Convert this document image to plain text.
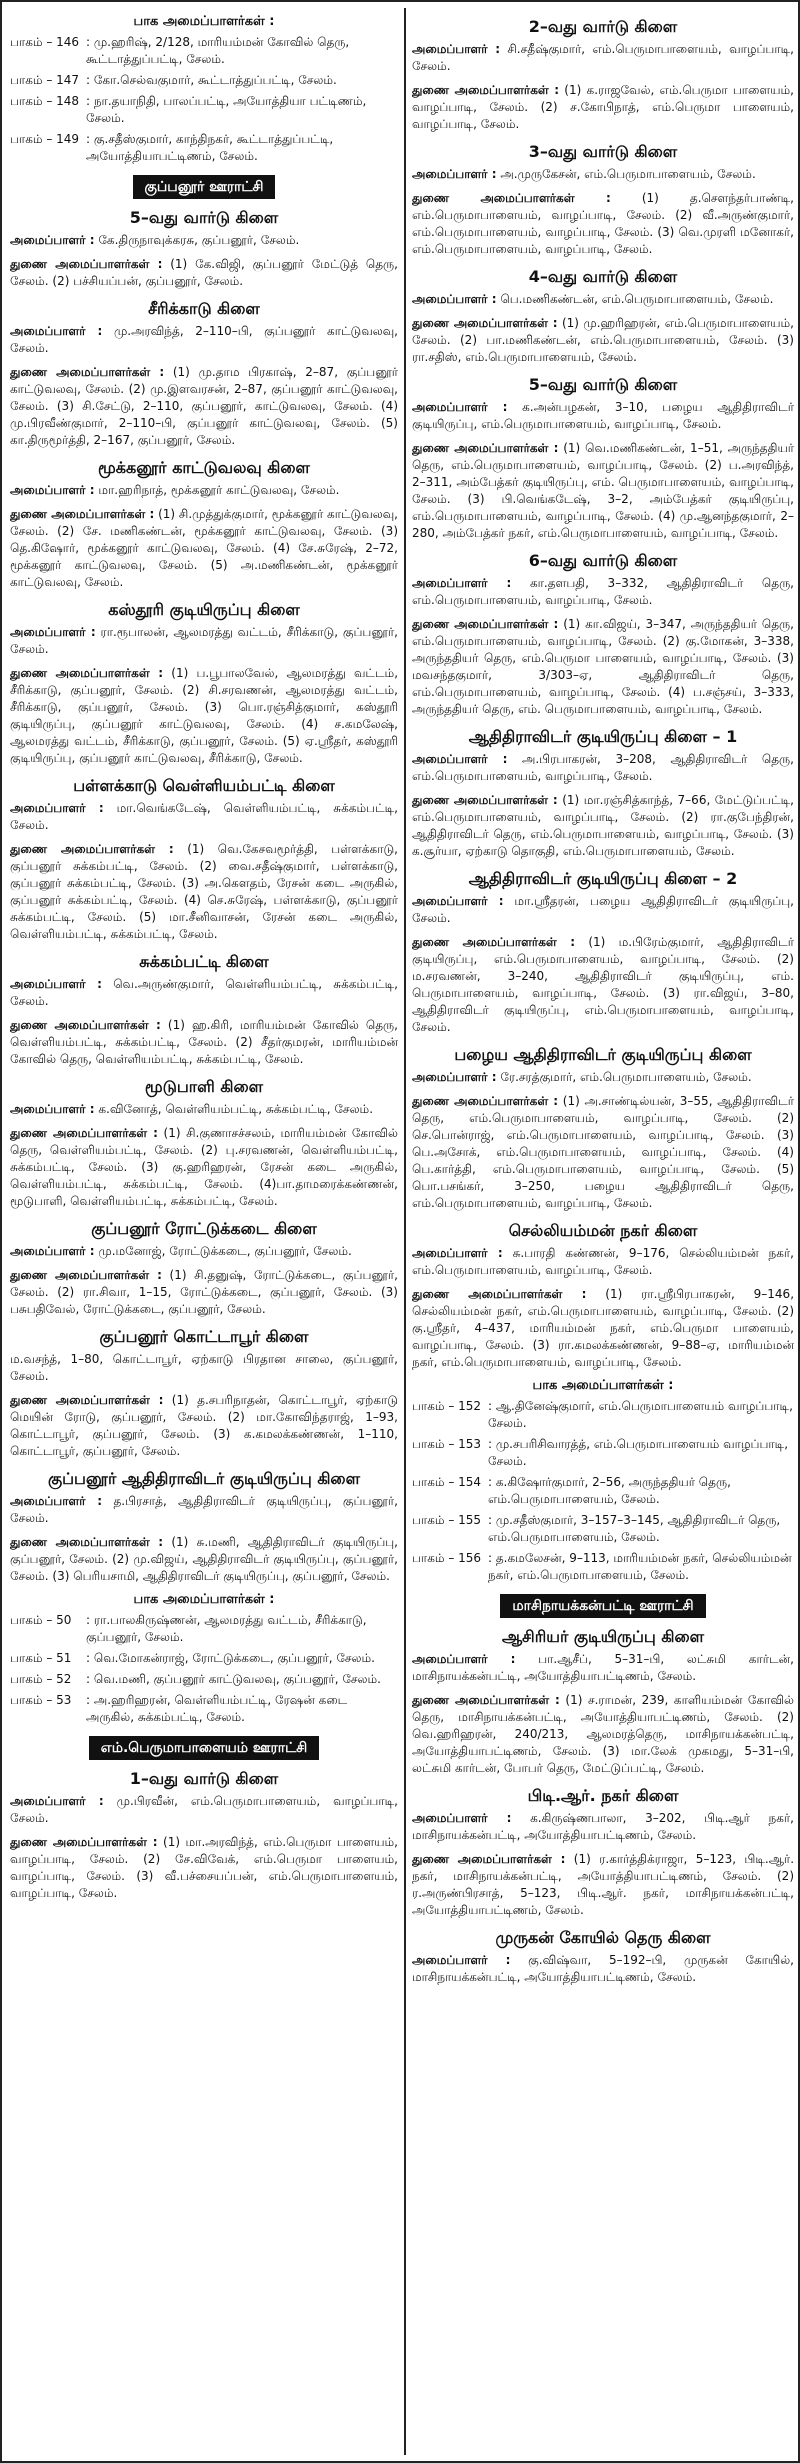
பாக அமைப்பாளர்கள் :
பாகம் – 146 : மு.ஹரிஷ், 2/128, மாரியம்மன் கோவில் தெரு, கூட்டாத்துப்பட்டி, சேலம்.
பாகம் – 147 : கோ.செல்வகுமார், கூட்டாத்துப்பட்டி, சேலம்.
பாகம் – 148 : நா.தயாநிதி, பாலப்பட்டி, அயோத்தியா பட்டிணம், சேலம்.
பாகம் – 149 : கு.சதீஸ்குமார், காந்திநகர், கூட்டாத்துப்பட்டி, அயோத்தியாபட்டிணம், சேலம்.
குப்பனூர் ஊராட்சி
5–வது வார்டு கிளை
அமைப்பாளர் : கே.திருநாவுக்கரசு, குப்பனூர், சேலம்.
துணை அமைப்பாளர்கள் : (1) கே.விஜி, குப்பனூர் மேட்டுத் தெரு, சேலம். (2) பச்சியப்பன், குப்பனூர், சேலம்.
சீரிக்காடு கிளை
அமைப்பாளர் : மு.அரவிந்த், 2–110–பி, குப்பனூர் காட்டுவலவு, சேலம்.
துணை அமைப்பாளர்கள் : (1) மு.தாம பிரகாஷ், 2–87, குப்பனூர் காட்டுவலவு, சேலம். (2) மு.இளவரசன், 2–87, குப்பனூர் காட்டுவலவு, சேலம். (3) சி.சேட்டு, 2–110, குப்பனூர், காட்டுவலவு, சேலம். (4) மு.பிரவீண்குமார், 2–110–பி, குப்பனூர் காட்டுவலவு, சேலம். (5) கா.திருமூர்த்தி, 2–167, குப்பனூர், சேலம்.
மூக்கனூர் காட்டுவலவு கிளை
அமைப்பாளர் : மா.ஹரிநாத், மூக்கனூர் காட்டுவலவு, சேலம்.
துணை அமைப்பாளர்கள் : (1) சி.முத்துக்குமார், மூக்கனூர் காட்டுவலவு, சேலம். (2) சே. மணிகண்டன், மூக்கனூர் காட்டுவலவு, சேலம். (3) தெ.கிஷோர், மூக்கனூர் காட்டுவலவு, சேலம். (4) சே.சுரேஷ், 2–72, மூக்கனூர் காட்டுவலவு, சேலம். (5) அ.மணிகண்டன், மூக்கனூர் காட்டுவலவு, சேலம்.
கஸ்தூரி குடியிருப்பு கிளை
அமைப்பாளர் : ரா.ரூபாலன், ஆலமரத்து வட்டம், சீரிக்காடு, குப்பனூர், சேலம்.
துணை அமைப்பாளர்கள் : (1) ப.பூபாலவேல், ஆலமரத்து வட்டம், சீரிக்காடு, குப்பனூர், சேலம். (2) சி.சரவணன், ஆலமரத்து வட்டம், சீரிக்காடு, குப்பனூர், சேலம். (3) பொ.ரஞ்சித்குமார், கஸ்தூரி குடியிருப்பு, குப்பனூர் காட்டுவலவு, சேலம். (4) ச.கமலேஷ், ஆலமரத்து வட்டம், சீரிக்காடு, குப்பனூர், சேலம். (5) ஏ.ஸ்ரீதர், கஸ்தூரி குடியிருப்பு, குப்பனூர் காட்டுவலவு, சீரிக்காடு, சேலம்.
பள்ளக்காடு வெள்ளியம்பட்டி கிளை
அமைப்பாளர் : மா.வெங்கடேஷ், வெள்ளியம்பட்டி, சுக்கம்பட்டி, சேலம்.
துணை அமைப்பாளர்கள் : (1) வெ.கேசவமூர்த்தி, பள்ளக்காடு, குப்பனூர் சுக்கம்பட்டி, சேலம். (2) வை.சதீஷ்குமார், பள்ளக்காடு, குப்பனூர் சுக்கம்பட்டி, சேலம். (3) அ.கௌதம், ரேசன் கடை அருகில், குப்பனூர் சுக்கம்பட்டி, சேலம். (4) செ.சுரேஷ், பள்ளக்காடு, குப்பனூர் சுக்கம்பட்டி, சேலம். (5) மா.சீனிவாசன், ரேசன் கடை அருகில், வெள்ளியம்பட்டி, சுக்கம்பட்டி, சேலம்.
சுக்கம்பட்டி கிளை
அமைப்பாளர் : வெ.அருண்குமார், வெள்ளியம்பட்டி, சுக்கம்பட்டி, சேலம்.
துணை அமைப்பாளர்கள் : (1) ஹ.கிரி, மாரியம்மன் கோவில் தெரு, வெள்ளியம்பட்டி, சுக்கம்பட்டி, சேலம். (2) சீதர்குமரன், மாரியம்மன் கோவில் தெரு, வெள்ளியம்பட்டி, சுக்கம்பட்டி, சேலம்.
மூடுபாளி கிளை
அமைப்பாளர் : க.வினோத், வெள்ளியம்பட்டி, சுக்கம்பட்டி, சேலம்.
துணை அமைப்பாளர்கள் : (1) சி.குணாசச்சலம், மாரியம்மன் கோவில் தெரு, வெள்ளியம்பட்டி, சேலம். (2) பு.சரவணன், வெள்ளியம்பட்டி, சுக்கம்பட்டி, சேலம். (3) கு.ஹரிஹரன், ரேசன் கடை அருகில், வெள்ளியம்பட்டி, சுக்கம்பட்டி, சேலம். (4)பா.தாமரைக்கண்ணன், மூடுபாளி, வெள்ளியம்பட்டி, சுக்கம்பட்டி, சேலம்.
குப்பனூர் ரோட்டுக்கடை கிளை
அமைப்பாளர் : மு.மனோஜ், ரோட்டுக்கடை, குப்பனூர், சேலம்.
துணை அமைப்பாளர்கள் : (1) சி.தனுஷ், ரோட்டுக்கடை, குப்பனூர், சேலம். (2) ரா.சிவா, 1–15, ரோட்டுக்கடை, குப்பனூர், சேலம். (3) பசுபதிவேல், ரோட்டுக்கடை, குப்பனூர், சேலம்.
குப்பனூர் கொட்டாபூர் கிளை
ம.வசந்த், 1–80, கொட்டாபூர், ஏற்காடு பிரதான சாலை, குப்பனூர், சேலம்.
துணை அமைப்பாளர்கள் : (1) த.சபரிநாதன், கொட்டாபூர், ஏற்காடு மெயின் ரோடு, குப்பனூர், சேலம். (2) மா.கோவிந்தராஜ், 1–93, கொட்டாபூர், குப்பனூர், சேலம். (3) க.கமலக்கண்ணன், 1–110, கொட்டாபூர், குப்பனூர், சேலம்.
குப்பனூர் ஆதிதிராவிடர் குடியிருப்பு கிளை
அமைப்பாளர் : த.பிரசாத், ஆதிதிராவிடர் குடியிருப்பு, குப்பனூர், சேலம்.
துணை அமைப்பாளர்கள் : (1) சு.மணி, ஆதிதிராவிடர் குடியிருப்பு, குப்பனூர், சேலம். (2) மு.விஜய், ஆதிதிராவிடர் குடியிருப்பு, குப்பனூர், சேலம். (3) பெரியசாமி, ஆதிதிராவிடர் குடியிருப்பு, குப்பனூர், சேலம்.
பாக அமைப்பாளர்கள் :
பாகம் – 50	: ரா.பாலகிருஷ்ணன், ஆலமரத்து வட்டம், சீரிக்காடு, குப்பனூர், சேலம்.
பாகம் – 51	: வெ.மோகன்ராஜ், ரோட்டுக்கடை, குப்பனூர், சேலம்.
பாகம் – 52	: வெ.மணி, குப்பனூர் காட்டுவலவு, குப்பனூர், சேலம்.
பாகம் – 53	: அ.ஹரிஹரன், வெள்ளியம்பட்டி, ரேஷன் கடை அருகில், சுக்கம்பட்டி, சேலம்.
எம்.பெருமாபாளையம் ஊராட்சி
1–வது வார்டு கிளை
அமைப்பாளர் : மு.பிரவீன், எம்.பெருமாபாளையம், வாழப்பாடி, சேலம்.
துணை அமைப்பாளர்கள் : (1) மா.அரவிந்த், எம்.பெருமா பாளையம், வாழப்பாடி, சேலம். (2) சே.விவேக், எம்.பெருமா பாளையம், வாழப்பாடி, சேலம். (3) வீ.பச்சையப்பன், எம்.பெருமாபாளையம், வாழப்பாடி, சேலம்.
2–வது வார்டு கிளை
அமைப்பாளர் : சி.சதீஷ்குமார், எம்.பெருமாபாளையம், வாழப்பாடி, சேலம்.
துணை அமைப்பாளர்கள் : (1) க.ராஜவேல், எம்.பெருமா பாளையம், வாழப்பாடி, சேலம். (2) ச.கோபிநாத், எம்.பெருமா பாளையம், வாழப்பாடி, சேலம்.
3–வது வார்டு கிளை
அமைப்பாளர் : அ.முருகேசன், எம்.பெருமாபாளையம், சேலம்.
துணை அமைப்பாளர்கள் : (1) த.சௌந்தர்பாண்டி, எம்.பெருமாபாளையம், வாழப்பாடி, சேலம். (2) வீ.அருண்குமார், எம்.பெருமாபாளையம், வாழப்பாடி, சேலம். (3) வெ.முரளி மனோகர், எம்.பெருமாபாளையம், வாழப்பாடி, சேலம்.
4–வது வார்டு கிளை
அமைப்பாளர் : பெ.மணிகண்டன், எம்.பெருமாபாளையம், சேலம்.
துணை அமைப்பாளர்கள் : (1) மு.ஹரிஹரன், எம்.பெருமாபாளையம், சேலம். (2) பா.மணிகண்டன், எம்.பெருமாபாளையம், சேலம். (3) ரா.சதிஸ், எம்.பெருமாபாளையம், சேலம்.
5–வது வார்டு கிளை
அமைப்பாளர் : க.அன்பழகன், 3–10, பழைய ஆதிதிராவிடர் குடியிருப்பு, எம்.பெருமாபாளையம், வாழப்பாடி, சேலம்.
துணை அமைப்பாளர்கள் : (1) வெ.மணிகண்டன், 1–51, அருந்ததியர் தெரு, எம்.பெருமாபாளையம், வாழப்பாடி, சேலம். (2) ப.அரவிந்த், 2–311, அம்பேத்கர் குடியிருப்பு, எம். பெருமாபாளையம், வாழப்பாடி, சேலம். (3) பி.வெங்கடேஷ், 3–2, அம்பேத்கர் குடியிருப்பு, எம்.பெருமாபாளையம், வாழப்பாடி, சேலம். (4) மு.ஆனந்தகுமார், 2–280, அம்பேத்கர் நகர், எம்.பெருமாபாளையம், வாழப்பாடி, சேலம்.
6–வது வார்டு கிளை
அமைப்பாளர் : கா.தளபதி, 3–332, ஆதிதிராவிடர் தெரு, எம்.பெருமாபாளையம், வாழப்பாடி, சேலம்.
துணை அமைப்பாளர்கள் : (1) கா.விஜய், 3–347, அருந்ததியர் தெரு, எம்.பெருமாபாளையம், வாழப்பாடி, சேலம். (2) கு.மோகன், 3–338, அருந்ததியர் தெரு, எம்.பெருமா பாளையம், வாழப்பாடி, சேலம். (3) மவசந்தகுமார், 3/303–ஏ, ஆதிதிராவிடர் தெரு, எம்.பெருமாபாளையம், வாழப்பாடி, சேலம். (4) ப.சஞ்சய், 3–333, அருந்ததியர் தெரு, எம். பெருமாபாளையம், வாழப்பாடி, சேலம்.
ஆதிதிராவிடர் குடியிருப்பு கிளை – 1
அமைப்பாளர் : அ.பிரபாகரன், 3–208, ஆதிதிராவிடர் தெரு, எம்.பெருமாபாளையம், வாழப்பாடி, சேலம்.
துணை அமைப்பாளர்கள் : (1) மா.ரஞ்சித்காந்த், 7–66, மேட்டுப்பட்டி, எம்.பெருமாபாளையம், வாழப்பாடி, சேலம். (2) ரா.குபேந்திரன், ஆதிதிராவிடர் தெரு, எம்.பெருமாபாளையம், வாழப்பாடி, சேலம். (3) க.சூர்யா, ஏற்காடு தொகுதி, எம்.பெருமாபாளையம், சேலம்.
ஆதிதிராவிடர் குடியிருப்பு கிளை – 2
அமைப்பாளர் : மா.ஸ்ரீதரன், பழைய ஆதிதிராவிடர் குடியிருப்பு, சேலம்.
துணை அமைப்பாளர்கள் : (1) ம.பிரேம்குமார், ஆதிதிராவிடர் குடியிருப்பு, எம்.பெருமாபாளையம், வாழப்பாடி, சேலம். (2) ம.சரவணன், 3–240, ஆதிதிராவிடர் குடியிருப்பு, எம். பெருமாபாளையம், வாழப்பாடி, சேலம். (3) ரா.விஜய், 3–80, ஆதிதிராவிடர் குடியிருப்பு, எம்.பெருமாபாளையம், வாழப்பாடி, சேலம்.
பழைய ஆதிதிராவிடர் குடியிருப்பு கிளை
அமைப்பாளர் : ரே.சரத்குமார், எம்.பெருமாபாளையம், சேலம்.
துணை அமைப்பாளர்கள் : (1) அ.சாண்டில்யன், 3–55, ஆதிதிராவிடர் தெரு, எம்.பெருமாபாளையம், வாழப்பாடி, சேலம். (2) செ.பொன்ராஜ், எம்.பெருமாபாளையம், வாழப்பாடி, சேலம். (3) பெ.அசோக், எம்.பெருமாபாளையம், வாழப்பாடி, சேலம். (4) பெ.கார்த்தி, எம்.பெருமாபாளையம், வாழப்பாடி, சேலம். (5) பொ.பசங்கர், 3–250, பழைய ஆதிதிராவிடர் தெரு, எம்.பெருமாபாளையம், வாழப்பாடி, சேலம்.
செல்லியம்மன் நகர் கிளை
அமைப்பாளர் : சு.பாரதி கண்ணன், 9–176, செல்லியம்மன் நகர், எம்.பெருமாபாளையம், வாழப்பாடி, சேலம்.
துணை அமைப்பாளர்கள் : (1) ரா.ஸ்ரீபிரபாகரன், 9–146, செல்லியம்மன் நகர், எம்.பெருமாபாளையம், வாழப்பாடி, சேலம். (2) கு.ஸ்ரீதர், 4–437, மாரியம்மன் நகர், எம்.பெருமா பாளையம், வாழப்பாடி, சேலம். (3) ரா.கமலக்கண்ணன், 9–88–ஏ, மாரியம்மன் நகர், எம்.பெருமாபாளையம், வாழப்பாடி, சேலம்.
பாக அமைப்பாளர்கள் :
பாகம் – 152 : ஆ.தினேஷ்குமார், எம்.பெருமாபாளையம் வாழப்பாடி, சேலம்.
பாகம் – 153 : மு.சபரிசிவாரத்த், எம்.பெருமாபாளையம் வாழப்பாடி, சேலம்.
பாகம் – 154 : க.கிஷோர்குமார், 2–56, அருந்ததியர் தெரு, எம்.பெருமாபாளையம், சேலம்.
பாகம் – 155 : மு.சதீஸ்குமார், 3–157–3–145, ஆதிதிராவிடர் தெரு, எம்.பெருமாபாளையம், சேலம்.
பாகம் – 156 : த.கமலேசன், 9–113, மாரியம்மன் நகர், செல்லியம்மன் நகர், எம்.பெருமாபாளையம், சேலம்.
மாசிநாயக்கன்பட்டி ஊராட்சி
ஆசிரியர் குடியிருப்பு கிளை
அமைப்பாளர் : பா.ஆசீப், 5–31–பி, லட்சுமி கார்டன், மாசிநாயக்கன்பட்டி, அயோத்தியாபட்டிணம், சேலம்.
துணை அமைப்பாளர்கள் : (1) ச.ராமன், 239, காளியம்மன் கோவில் தெரு, மாசிநாயக்கன்பட்டி, அயோத்தியாபட்டிணம், சேலம். (2) வெ.ஹரிஹரன், 240/213, ஆலமரத்தெரு, மாசிநாயக்கன்பட்டி, அயோத்தியாபட்டிணம், சேலம். (3) மா.லேக் முகமது, 5–31–பி, லட்சுமி கார்டன், போபர் தெரு, மேட்டுப்பட்டி, சேலம்.
பிடி.ஆர். நகர் கிளை
அமைப்பாளர் : க.கிருஷ்ணபாலா, 3–202, பிடி.ஆர் நகர், மாசிநாயக்கன்பட்டி, அயோத்தியாபட்டிணம், சேலம்.
துணை அமைப்பாளர்கள் : (1) ர.கார்த்திக்ராஜா, 5–123, பிடி.ஆர். நகர், மாசிநாயக்கன்பட்டி, அயோத்தியாபட்டிணம், சேலம். (2) ர.அருண்பிரசாத், 5–123, பிடி.ஆர். நகர், மாசிநாயக்கன்பட்டி, அயோத்தியாபட்டிணம், சேலம்.
முருகன் கோயில் தெரு கிளை
அமைப்பாளர் : கு.விஷ்வா, 5–192–பி, முருகன் கோயில், மாசிநாயக்கன்பட்டி, அயோத்தியாபட்டிணம், சேலம்.
